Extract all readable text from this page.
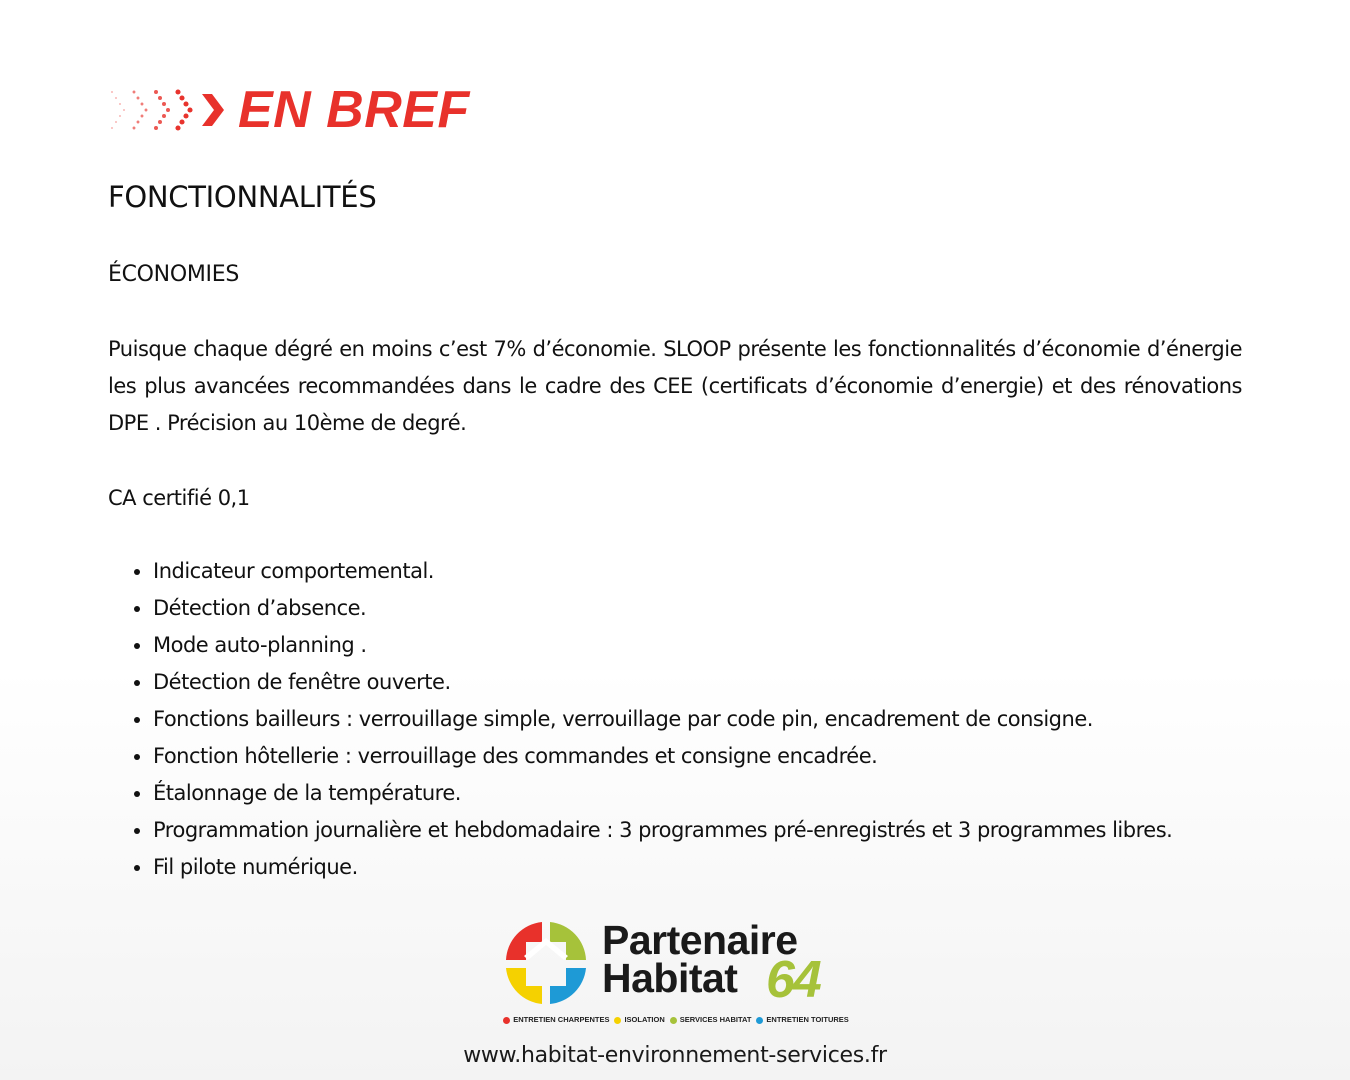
EN BREF
FONCTIONNALITÉS
ÉCONOMIES

Puisque chaque dégré en moins c’est 7% d’économie. SLOOP présente les fonctionnalités d’économie d’énergie les plus avancées recommandées dans le cadre des CEE (certificats d’économie d’energie) et des rénovations DPE . Précision au 10ème de degré.

CA certifié 0,1
• Indicateur comportemental.
• Détection d’absence.
• Mode auto-planning .
• Détection de fenêtre ouverte.
• Fonctions bailleurs : verrouillage simple, verrouillage par code pin, encadrement de consigne.
• Fonction hôtellerie : verrouillage des commandes et consigne encadrée.
• Étalonnage de la température.
• Programmation journalière et hebdomadaire : 3 programmes pré-enregistrés et 3 programmes libres.
• Fil pilote numérique.
Partenaire
Habitat 64
ENTRETIEN CHARPENTES ISOLATION SERVICES HABITAT ENTRETIEN TOITURES
www.habitat-environnement-services.fr
